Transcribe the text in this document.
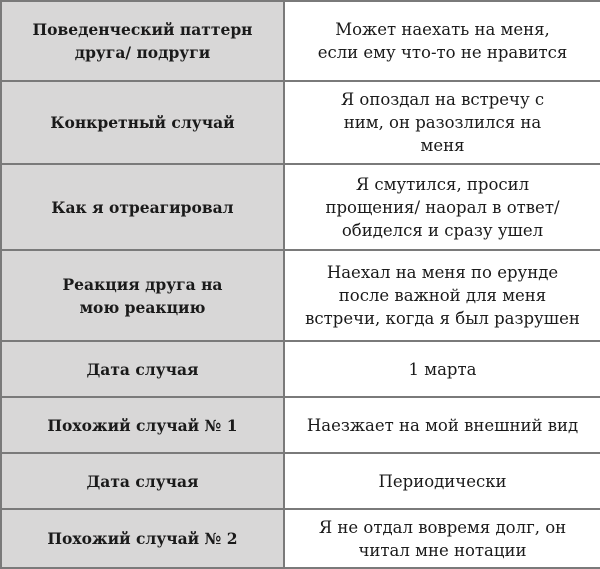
Поведенческий паттерн друга/ подруги	Может наехать на меня, если ему что-то не нравится
Конкретный случай	Я опоздал на встречу с ним, он разозлился на меня
Как я отреагировал	Я смутился, просил прощения/ наорал в ответ/обиделся и сразу ушел
Реакция друга на мою реакцию	Наехал на меня по ерунде после важной для меня встречи, когда я был разрушен
Дата случая	1 марта
Похожий случай № 1	Наезжает на мой внешний вид
Дата случая	Периодически
Похожий случай № 2	Я не отдал вовремя долг, он читал мне нотации
